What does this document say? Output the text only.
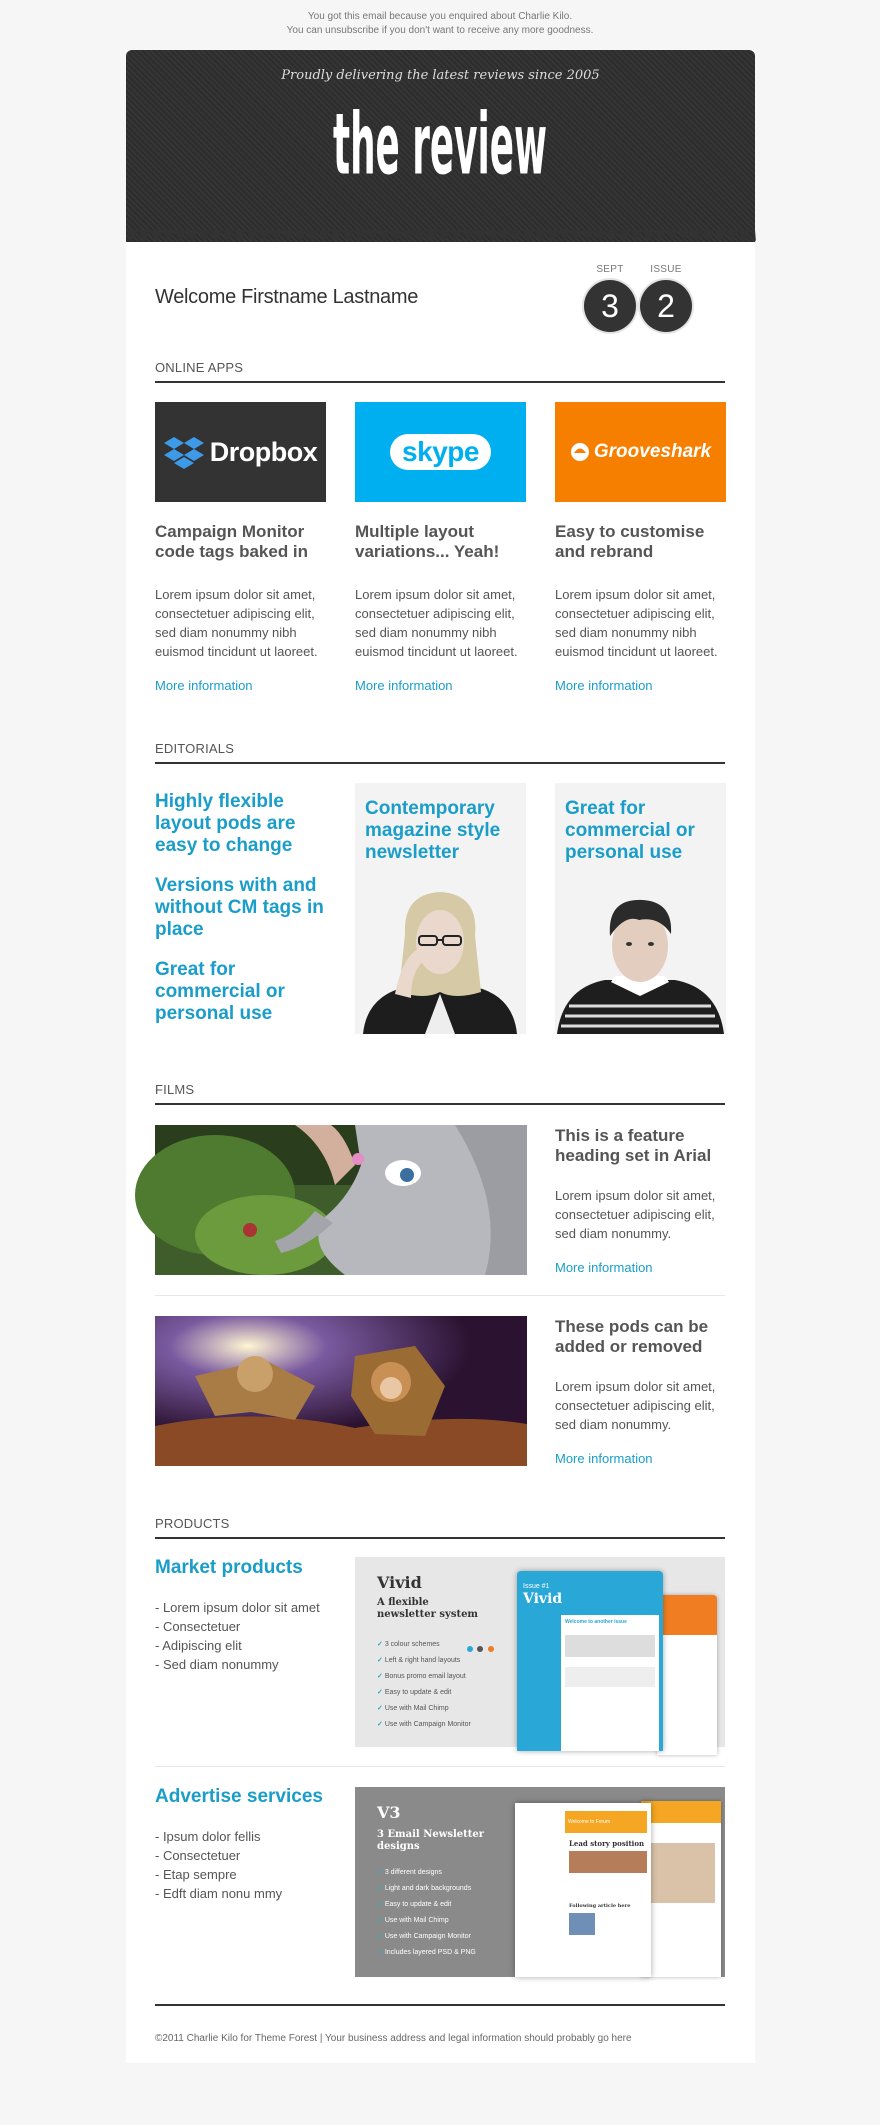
You got this email because you enquired about Charlie Kilo.
You can unsubscribe if you don't want to receive any more goodness.
Proudly delivering the latest reviews since 2005
the review
Welcome Firstname Lastname
SEPT
3
ISSUE
2
ONLINE APPS
Dropbox
Campaign Monitor code tags baked in
Lorem ipsum dolor sit amet, consectetuer adipiscing elit, sed diam nonummy nibh euismod tincidunt ut laoreet.
More information
skype
Multiple layout variations... Yeah!
Lorem ipsum dolor sit amet, consectetuer adipiscing elit, sed diam nonummy nibh euismod tincidunt ut laoreet.
More information
Grooveshark
Easy to customise and rebrand
Lorem ipsum dolor sit amet, consectetuer adipiscing elit, sed diam nonummy nibh euismod tincidunt ut laoreet.
More information
EDITORIALS
Highly flexible layout pods are easy to change
Versions with and without CM tags in place
Great for commercial or personal use
Contemporary magazine style newsletter
Great for commercial or personal use
FILMS
This is a feature heading set in Arial
Lorem ipsum dolor sit amet, consectetuer adipiscing elit, sed diam nonummy.
More information
These pods can be added or removed
Lorem ipsum dolor sit amet, consectetuer adipiscing elit, sed diam nonummy.
More information
PRODUCTS
Market products
- Lorem ipsum dolor sit amet
- Consectetuer
- Adipiscing elit
- Sed diam nonummy
Vivid
A flexible newsletter system
✓ 3 colour schemes
✓ Left & right hand layouts
✓ Bonus promo email layout
✓ Easy to update & edit
✓ Use with Mail Chimp
✓ Use with Campaign Monitor

Issue #1
Vivid
Welcome to another issue
Advertise services
- Ipsum dolor fellis
- Consectetuer
- Etap sempre
- Edft diam nonu mmy
V3
3 Email Newsletter designs
✓ 3 different designs
✓ Light and dark backgrounds
✓ Easy to update & edit
✓ Use with Mail Chimp
✓ Use with Campaign Monitor
✓ Includes layered PSD & PNG
Welcome to Forum
Lead story position
Following article here
©2011 Charlie Kilo for Theme Forest | Your business address and legal information should probably go here
